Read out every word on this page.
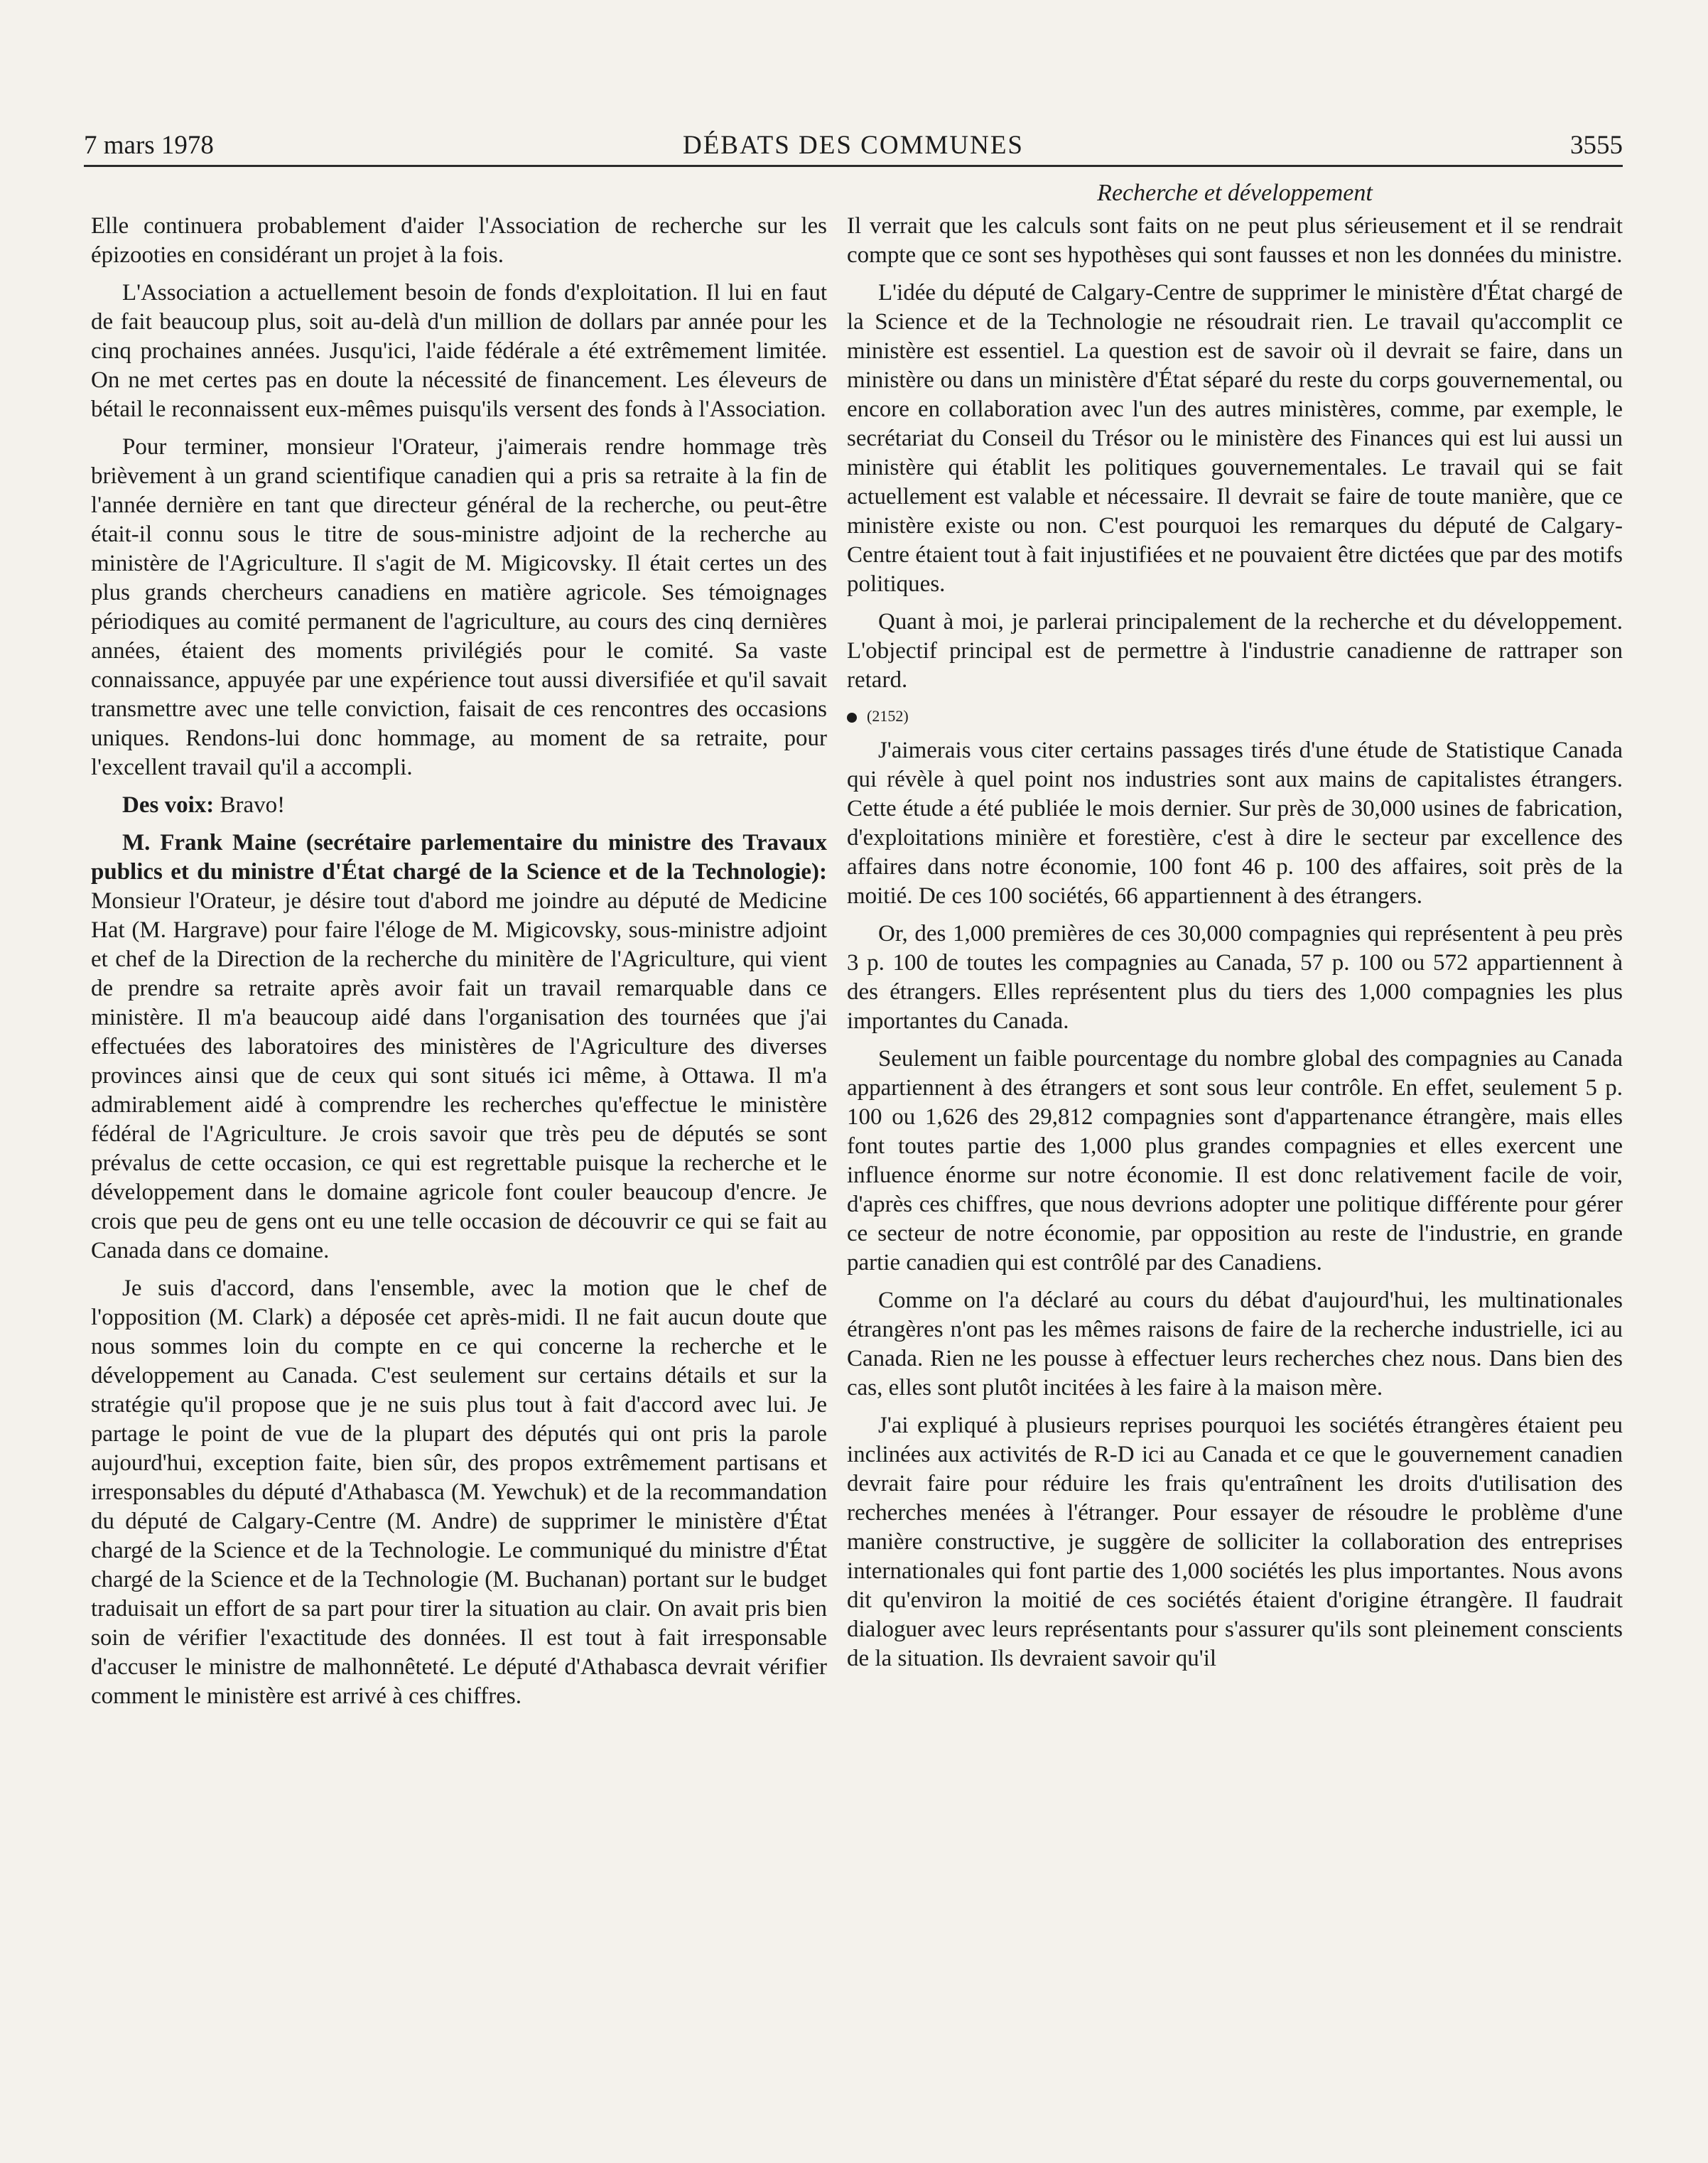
7 mars 1978	DÉBATS DES COMMUNES	3555
Recherche et développement

Elle continuera probablement d'aider l'Association de recherche sur les épizooties en considérant un projet à la fois.

L'Association a actuellement besoin de fonds d'exploitation. Il lui en faut de fait beaucoup plus, soit au-delà d'un million de dollars par année pour les cinq prochaines années. Jusqu'ici, l'aide fédérale a été extrêmement limitée. On ne met certes pas en doute la nécessité de financement. Les éleveurs de bétail le reconnaissent eux-mêmes puisqu'ils versent des fonds à l'Association.

Pour terminer, monsieur l'Orateur, j'aimerais rendre hommage très brièvement à un grand scientifique canadien qui a pris sa retraite à la fin de l'année dernière en tant que directeur général de la recherche, ou peut-être était-il connu sous le titre de sous-ministre adjoint de la recherche au ministère de l'Agriculture. Il s'agit de M. Migicovsky. Il était certes un des plus grands chercheurs canadiens en matière agricole. Ses témoignages périodiques au comité permanent de l'agriculture, au cours des cinq dernières années, étaient des moments privilégiés pour le comité. Sa vaste connaissance, appuyée par une expérience tout aussi diversifiée et qu'il savait transmettre avec une telle conviction, faisait de ces rencontres des occasions uniques. Rendons-lui donc hommage, au moment de sa retraite, pour l'excellent travail qu'il a accompli.

Des voix: Bravo!

M. Frank Maine (secrétaire parlementaire du ministre des Travaux publics et du ministre d'État chargé de la Science et de la Technologie): Monsieur l'Orateur, je désire tout d'abord me joindre au député de Medicine Hat (M. Hargrave) pour faire l'éloge de M. Migicovsky, sous-ministre adjoint et chef de la Direction de la recherche du minitère de l'Agriculture, qui vient de prendre sa retraite après avoir fait un travail remarquable dans ce ministère. Il m'a beaucoup aidé dans l'organisation des tournées que j'ai effectuées des laboratoires des ministères de l'Agriculture des diverses provinces ainsi que de ceux qui sont situés ici même, à Ottawa. Il m'a admirablement aidé à comprendre les recherches qu'effectue le ministère fédéral de l'Agriculture. Je crois savoir que très peu de députés se sont prévalus de cette occasion, ce qui est regrettable puisque la recherche et le développement dans le domaine agricole font couler beaucoup d'encre. Je crois que peu de gens ont eu une telle occasion de découvrir ce qui se fait au Canada dans ce domaine.

Je suis d'accord, dans l'ensemble, avec la motion que le chef de l'opposition (M. Clark) a déposée cet après-midi. Il ne fait aucun doute que nous sommes loin du compte en ce qui concerne la recherche et le développement au Canada. C'est seulement sur certains détails et sur la stratégie qu'il propose que je ne suis plus tout à fait d'accord avec lui. Je partage le point de vue de la plupart des députés qui ont pris la parole aujourd'hui, exception faite, bien sûr, des propos extrêmement partisans et irresponsables du député d'Athabasca (M. Yewchuk) et de la recommandation du député de Calgary-Centre (M. Andre) de supprimer le ministère d'État chargé de la Science et de la Technologie. Le communiqué du ministre d'État chargé de la Science et de la Technologie (M. Buchanan) portant sur le budget traduisait un effort de sa part pour tirer la situation au clair. On avait pris bien soin de vérifier l'exactitude des données. Il est tout à fait irresponsable d'accuser le ministre de malhonnêteté. Le député d'Athabasca devrait vérifier comment le ministère est arrivé à ces chiffres.

Il verrait que les calculs sont faits on ne peut plus sérieusement et il se rendrait compte que ce sont ses hypothèses qui sont fausses et non les données du ministre.

L'idée du député de Calgary-Centre de supprimer le ministère d'État chargé de la Science et de la Technologie ne résoudrait rien. Le travail qu'accomplit ce ministère est essentiel. La question est de savoir où il devrait se faire, dans un ministère ou dans un ministère d'État séparé du reste du corps gouvernemental, ou encore en collaboration avec l'un des autres ministères, comme, par exemple, le secrétariat du Conseil du Trésor ou le ministère des Finances qui est lui aussi un ministère qui établit les politiques gouvernementales. Le travail qui se fait actuellement est valable et nécessaire. Il devrait se faire de toute manière, que ce ministère existe ou non. C'est pourquoi les remarques du député de Calgary-Centre étaient tout à fait injustifiées et ne pouvaient être dictées que par des motifs politiques.

Quant à moi, je parlerai principalement de la recherche et du développement. L'objectif principal est de permettre à l'industrie canadienne de rattraper son retard.

(2152)

J'aimerais vous citer certains passages tirés d'une étude de Statistique Canada qui révèle à quel point nos industries sont aux mains de capitalistes étrangers. Cette étude a été publiée le mois dernier. Sur près de 30,000 usines de fabrication, d'exploitations minière et forestière, c'est à dire le secteur par excellence des affaires dans notre économie, 100 font 46 p. 100 des affaires, soit près de la moitié. De ces 100 sociétés, 66 appartiennent à des étrangers.

Or, des 1,000 premières de ces 30,000 compagnies qui représentent à peu près 3 p. 100 de toutes les compagnies au Canada, 57 p. 100 ou 572 appartiennent à des étrangers. Elles représentent plus du tiers des 1,000 compagnies les plus importantes du Canada.

Seulement un faible pourcentage du nombre global des compagnies au Canada appartiennent à des étrangers et sont sous leur contrôle. En effet, seulement 5 p. 100 ou 1,626 des 29,812 compagnies sont d'appartenance étrangère, mais elles font toutes partie des 1,000 plus grandes compagnies et elles exercent une influence énorme sur notre économie. Il est donc relativement facile de voir, d'après ces chiffres, que nous devrions adopter une politique différente pour gérer ce secteur de notre économie, par opposition au reste de l'industrie, en grande partie canadien qui est contrôlé par des Canadiens.

Comme on l'a déclaré au cours du débat d'aujourd'hui, les multinationales étrangères n'ont pas les mêmes raisons de faire de la recherche industrielle, ici au Canada. Rien ne les pousse à effectuer leurs recherches chez nous. Dans bien des cas, elles sont plutôt incitées à les faire à la maison mère.

J'ai expliqué à plusieurs reprises pourquoi les sociétés étrangères étaient peu inclinées aux activités de R-D ici au Canada et ce que le gouvernement canadien devrait faire pour réduire les frais qu'entraînent les droits d'utilisation des recherches menées à l'étranger. Pour essayer de résoudre le problème d'une manière constructive, je suggère de solliciter la collaboration des entreprises internationales qui font partie des 1,000 sociétés les plus importantes. Nous avons dit qu'environ la moitié de ces sociétés étaient d'origine étrangère. Il faudrait dialoguer avec leurs représentants pour s'assurer qu'ils sont pleinement conscients de la situation. Ils devraient savoir qu'il
